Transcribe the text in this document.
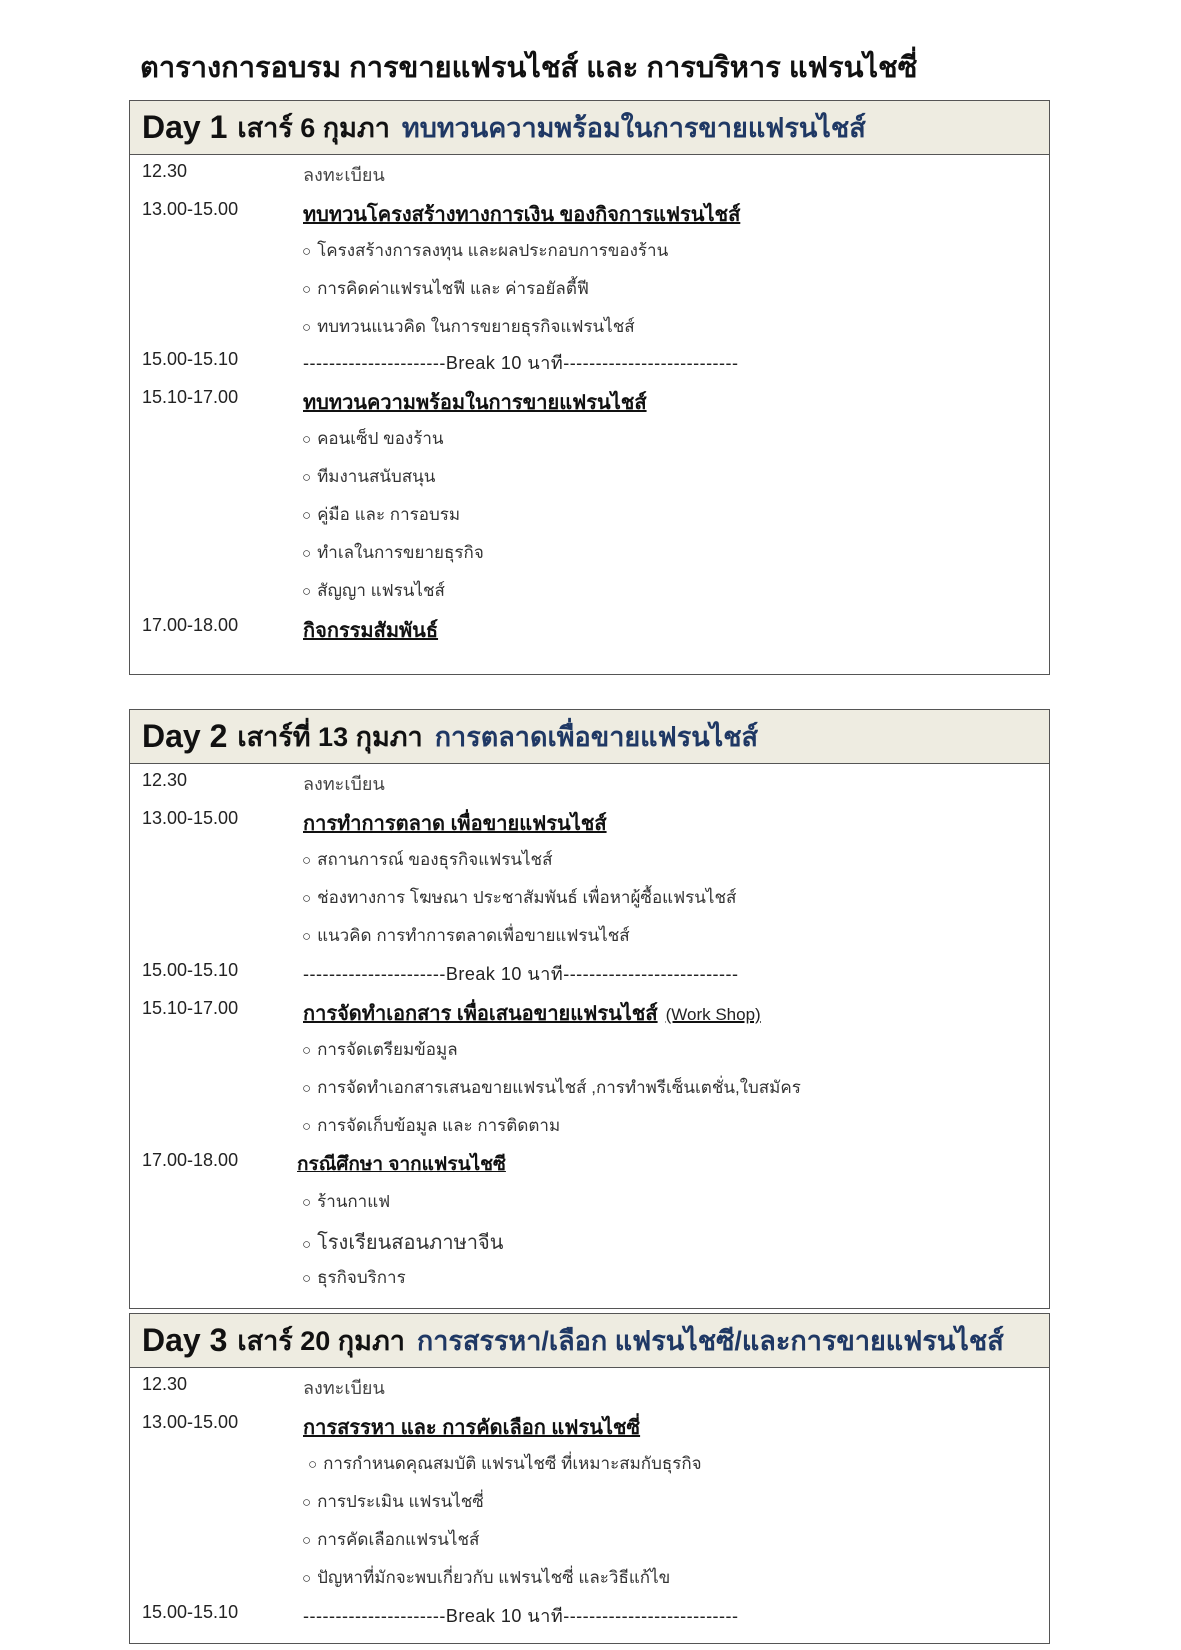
ตารางการอบรม การขายแฟรนไชส์ และ การบริหาร แฟรนไชซี่
Day 1 เสาร์ 6 กุมภา ทบทวนความพร้อมในการขายแฟรนไชส์
12.30	ลงทะเบียน
13.00-15.00	ทบทวนโครงสร้างทางการเงิน ของกิจการแฟรนไชส์
○ โครงสร้างการลงทุน และผลประกอบการของร้าน
○ การคิดค่าแฟรนไชฟี และ ค่ารอยัลตี้ฟี
○ ทบทวนแนวคิด ในการขยายธุรกิจแฟรนไชส์
15.00-15.10	----------------------Break 10 นาที---------------------------
15.10-17.00	ทบทวนความพร้อมในการขายแฟรนไชส์
○ คอนเซ็ป ของร้าน
○ ทีมงานสนับสนุน
○ คู่มือ และ การอบรม
○ ทำเลในการขยายธุรกิจ
○ สัญญา แฟรนไชส์
17.00-18.00	กิจกรรมสัมพันธ์
Day 2 เสาร์ที่ 13 กุมภา การตลาดเพื่อขายแฟรนไชส์
12.30	ลงทะเบียน
13.00-15.00	การทำการตลาด เพื่อขายแฟรนไชส์
○ สถานการณ์ ของธุรกิจแฟรนไชส์
○ ช่องทางการ โฆษณา ประชาสัมพันธ์ เพื่อหาผู้ซื้อแฟรนไชส์
○ แนวคิด การทำการตลาดเพื่อขายแฟรนไชส์
15.00-15.10	----------------------Break 10 นาที---------------------------
15.10-17.00	การจัดทำเอกสาร เพื่อเสนอขายแฟรนไชส์ (Work Shop)
○ การจัดเตรียมข้อมูล
○ การจัดทำเอกสารเสนอขายแฟรนไชส์ ,การทำพรีเซ็นเตชั่น,ใบสมัคร
○ การจัดเก็บข้อมูล และ การติดตาม
17.00-18.00	กรณีศึกษา จากแฟรนไชซี
○ ร้านกาแฟ
○ โรงเรียนสอนภาษาจีน
○ ธุรกิจบริการ
Day 3 เสาร์ 20 กุมภา การสรรหา/เลือก แฟรนไชซี/และการขายแฟรนไชส์
12.30	ลงทะเบียน
13.00-15.00	การสรรหา และ การคัดเลือก แฟรนไชซี่
○ การกำหนดคุณสมบัติ แฟรนไชซี ที่เหมาะสมกับธุรกิจ
○ การประเมิน แฟรนไชซี่
○ การคัดเลือกแฟรนไชส์
○ ปัญหาที่มักจะพบเกี่ยวกับ แฟรนไชซี่ และวิธีแก้ไข
15.00-15.10	----------------------Break 10 นาที---------------------------
